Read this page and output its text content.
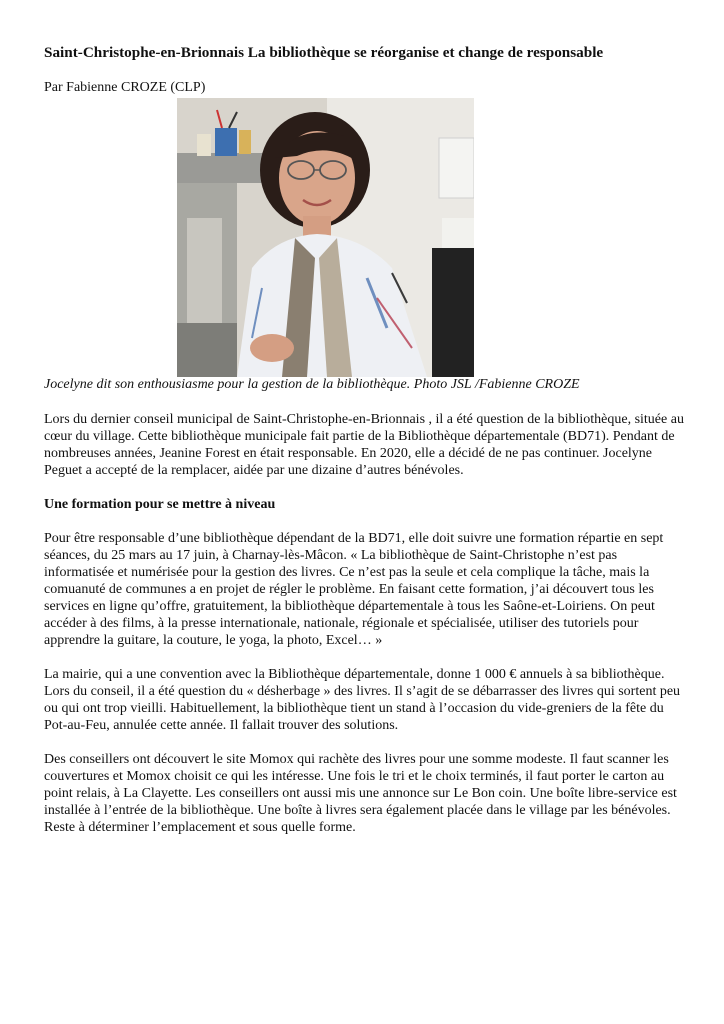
Saint-Christophe-en-Brionnais La bibliothèque se réorganise et change de responsable
Par Fabienne CROZE (CLP)
Jocelyne dit son enthousiasme pour la gestion de la bibliothèque. Photo JSL /Fabienne CROZE

Lors du dernier conseil municipal de Saint-Christophe-en-Brionnais , il a été question de la bibliothèque, située au cœur du village. Cette bibliothèque municipale fait partie de la Bibliothèque départementale (BD71). Pendant de nombreuses années, Jeanine Forest en était responsable. En 2020, elle a décidé de ne pas continuer. Jocelyne Peguet a accepté de la remplacer, aidée par une dizaine d’autres bénévoles.

Une formation pour se mettre à niveau

Pour être responsable d’une bibliothèque dépendant de la BD71, elle doit suivre une formation répartie en sept séances, du 25 mars au 17 juin, à Charnay-lès-Mâcon. « La bibliothèque de Saint-Christophe n’est pas informatisée et numérisée pour la gestion des livres. Ce n’est pas la seule et cela complique la tâche, mais la comuanuté de communes a en projet de régler le problème. En faisant cette formation, j’ai découvert tous les services en ligne qu’offre, gratuitement, la bibliothèque départementale à tous les Saône-et-Loiriens. On peut accéder à des films, à la presse internationale, nationale, régionale et spécialisée, utiliser des tutoriels pour apprendre la guitare, la couture, le yoga, la photo, Excel… »

La mairie, qui a une convention avec la Bibliothèque départementale, donne 1 000 € annuels à sa bibliothèque. Lors du conseil, il a été question du « désherbage » des livres. Il s’agit de se débarrasser des livres qui sortent peu ou qui ont trop vieilli. Habituellement, la bibliothèque tient un stand à l’occasion du vide-greniers de la fête du Pot-au-Feu, annulée cette année. Il fallait trouver des solutions.

Des conseillers ont découvert le site Momox qui rachète des livres pour une somme modeste. Il faut scanner les couvertures et Momox choisit ce qui les intéresse. Une fois le tri et le choix terminés, il faut porter le carton au point relais, à La Clayette. Les conseillers ont aussi mis une annonce sur Le Bon coin. Une boîte libre-service est installée à l’entrée de la bibliothèque. Une boîte à livres sera également placée dans le village par les bénévoles. Reste à déterminer l’emplacement et sous quelle forme.
